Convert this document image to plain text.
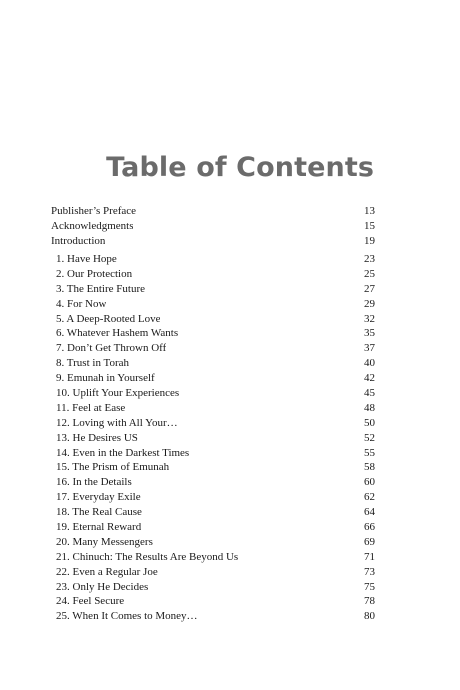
Table of Contents
Publisher’s Preface	13
Acknowledgments	15
Introduction	19
1. Have Hope	23
2. Our Protection	25
3. The Entire Future	27
4. For Now	29
5. A Deep-Rooted Love	32
6. Whatever Hashem Wants	35
7. Don’t Get Thrown Off	37
8. Trust in Torah	40
9. Emunah in Yourself	42
10. Uplift Your Experiences	45
11. Feel at Ease	48
12. Loving with All Your…	50
13. He Desires US	52
14. Even in the Darkest Times	55
15. The Prism of Emunah	58
16. In the Details	60
17. Everyday Exile	62
18. The Real Cause	64
19. Eternal Reward	66
20. Many Messengers	69
21. Chinuch: The Results Are Beyond Us	71
22. Even a Regular Joe	73
23. Only He Decides	75
24. Feel Secure	78
25. When It Comes to Money…	80
